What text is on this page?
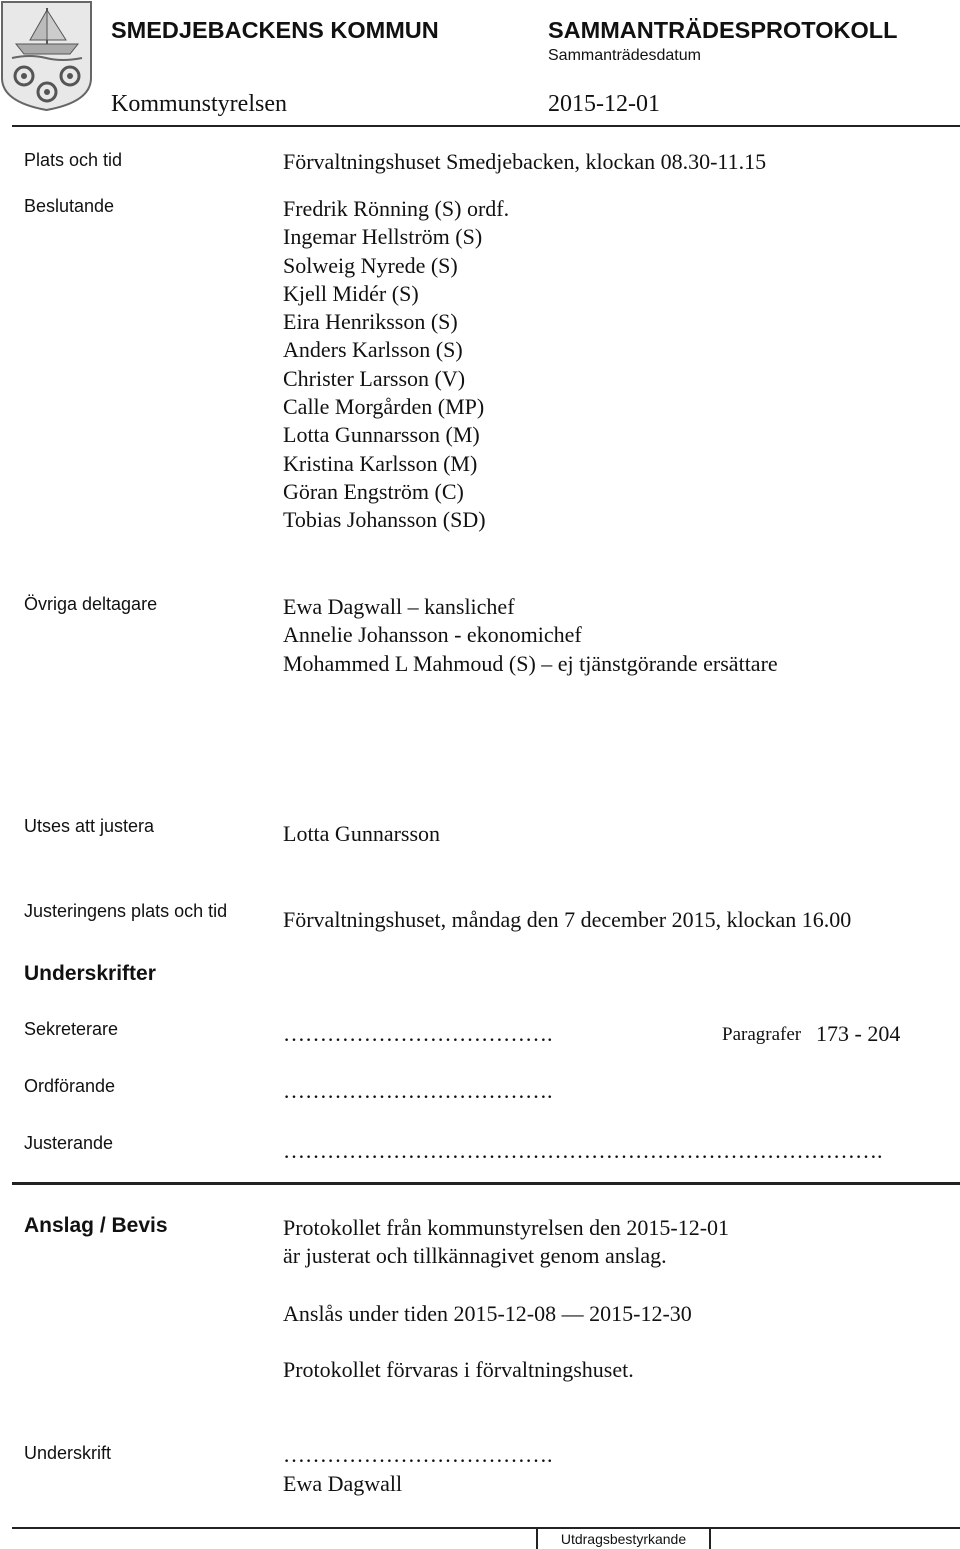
SMEDJEBACKENS KOMMUN	SAMMANTRÄDESPROTOKOLL
Sammanträdesdatum
Kommunstyrelsen	2015-12-01
Plats och tid	Förvaltningshuset Smedjebacken, klockan 08.30-11.15
Beslutande	Fredrik Rönning (S) ordf.
Ingemar Hellström (S)
Solweig Nyrede (S)
Kjell Midér (S)
Eira Henriksson (S)
Anders Karlsson (S)
Christer Larsson (V)
Calle Morgården (MP)
Lotta Gunnarsson (M)
Kristina Karlsson (M)
Göran Engström (C)
Tobias Johansson (SD)
Övriga deltagare	Ewa Dagwall – kanslichef
Annelie Johansson - ekonomichef
Mohammed L Mahmoud (S) – ej tjänstgörande ersättare
Utses att justera	Lotta Gunnarsson
Justeringens plats och tid	Förvaltningshuset, måndag den 7 december 2015, klockan 16.00
Underskrifter
Sekreterare	……………………………….	Paragrafer 173 - 204
Ordförande	……………………………….
Justerande	……………………………………………………………………….
Anslag / Bevis	Protokollet från kommunstyrelsen den 2015-12-01
är justerat och tillkännagivet genom anslag.
Anslås under tiden 2015-12-08 –– 2015-12-30
Protokollet förvaras i förvaltningshuset.
Underskrift	……………………………….
Ewa Dagwall
Utdragsbestyrkande
